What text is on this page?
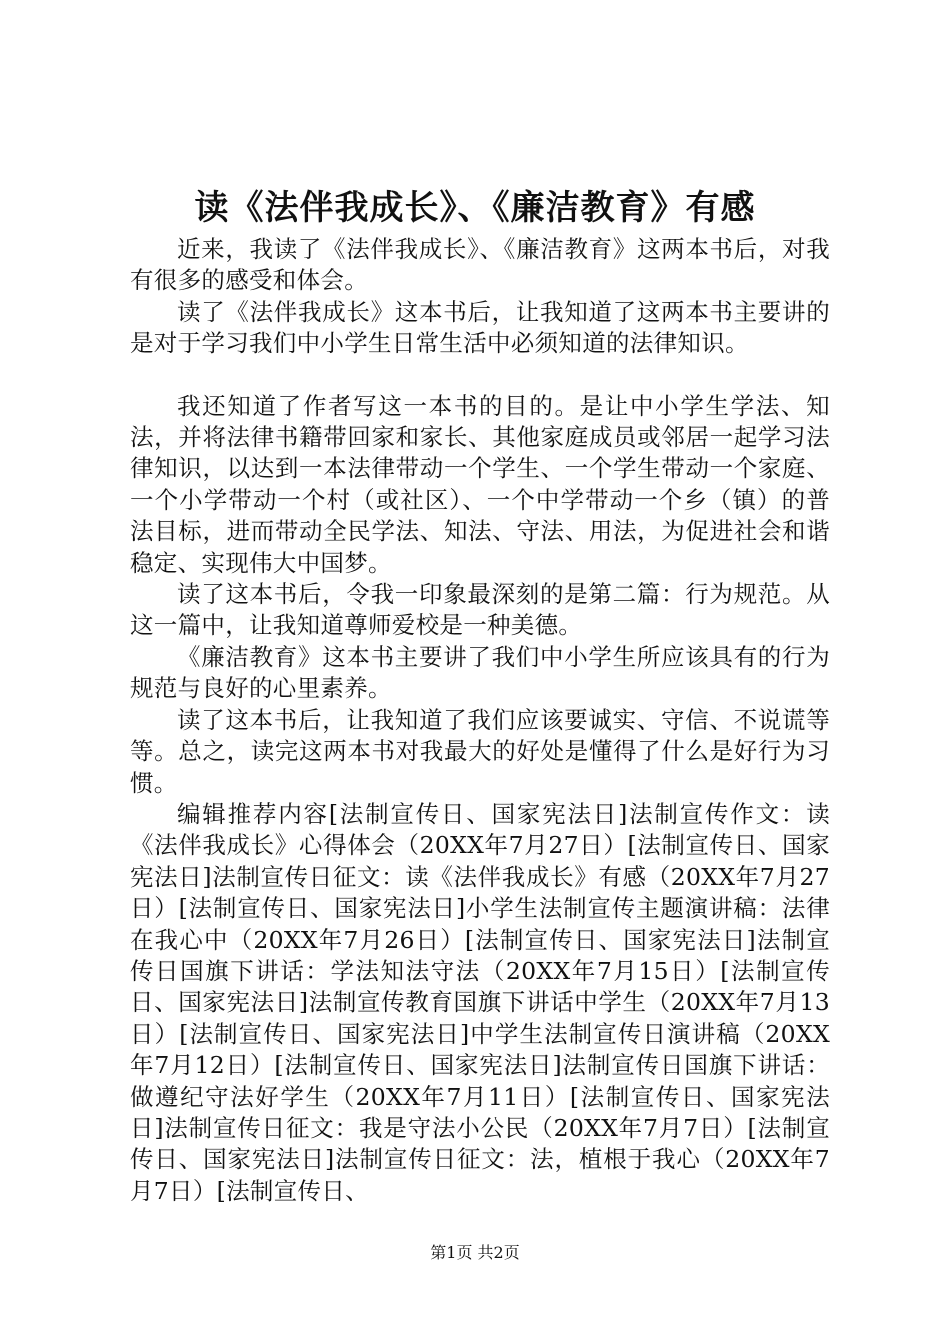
读《法伴我成长》、《廉洁教育》有感

近来，我读了《法伴我成长》、《廉洁教育》这两本书后，对我有很多的感受和体会。

读了《法伴我成长》这本书后，让我知道了这两本书主要讲的是对于学习我们中小学生日常生活中必须知道的法律知识。

我还知道了作者写这一本书的目的。是让中小学生学法、知法，并将法律书籍带回家和家长、其他家庭成员或邻居一起学习法律知识，以达到一本法律带动一个学生、一个学生带动一个家庭、一个小学带动一个村（或社区）、一个中学带动一个乡（镇）的普法目标，进而带动全民学法、知法、守法、用法，为促进社会和谐稳定、实现伟大中国梦。

读了这本书后，令我一印象最深刻的是第二篇：行为规范。从这一篇中，让我知道尊师爱校是一种美德。

《廉洁教育》这本书主要讲了我们中小学生所应该具有的行为规范与良好的心里素养。

读了这本书后，让我知道了我们应该要诚实、守信、不说谎等等。总之，读完这两本书对我最大的好处是懂得了什么是好行为习惯。

编辑推荐内容[法制宣传日、国家宪法日]法制宣传作文：读《法伴我成长》心得体会（20XX年7月27日）[法制宣传日、国家宪法日]法制宣传日征文：读《法伴我成长》有感（20XX年7月27日）[法制宣传日、国家宪法日]小学生法制宣传主题演讲稿：法律在我心中（20XX年7月26日）[法制宣传日、国家宪法日]法制宣传日国旗下讲话：学法知法守法（20XX年7月15日）[法制宣传日、国家宪法日]法制宣传教育国旗下讲话中学生（20XX年7月13日）[法制宣传日、国家宪法日]中学生法制宣传日演讲稿（20XX年7月12日）[法制宣传日、国家宪法日]法制宣传日国旗下讲话：做遵纪守法好学生（20XX年7月11日）[法制宣传日、国家宪法日]法制宣传日征文：我是守法小公民（20XX年7月7日）[法制宣传日、国家宪法日]法制宣传日征文：法，植根于我心（20XX年7月7日）[法制宣传日、

第1页 共2页
